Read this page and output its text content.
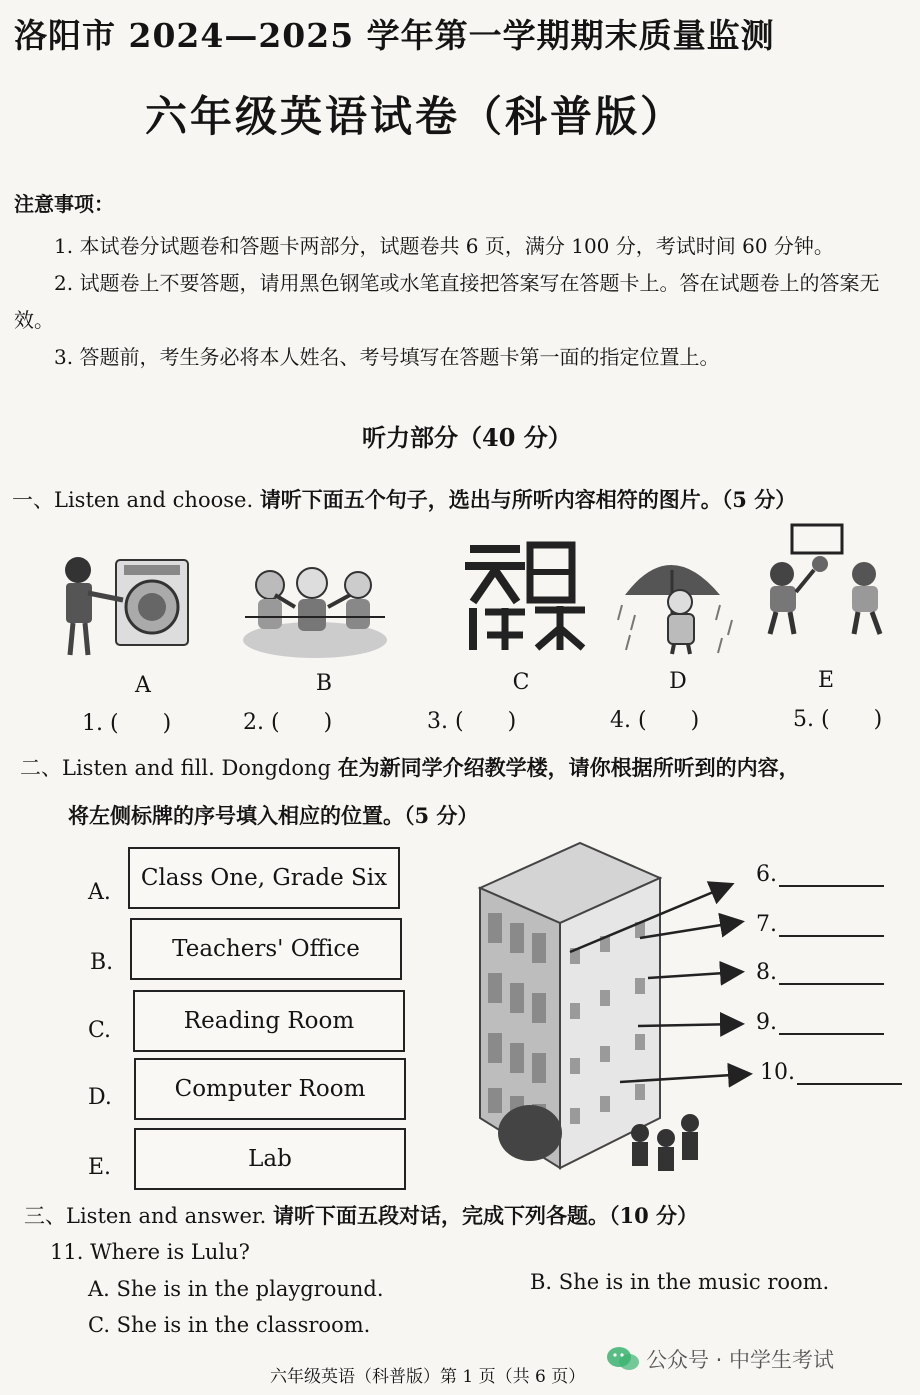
洛阳市 2024—2025 学年第一学期期末质量监测
六年级英语试卷（科普版）
注意事项：

1. 本试卷分试题卷和答题卡两部分，试题卷共 6 页，满分 100 分，考试时间 60 分钟。

2. 试题卷上不要答题，请用黑色钢笔或水笔直接把答案写在答题卡上。答在试题卷上的答案无效。

3. 答题前，考生务必将本人姓名、考号填写在答题卡第一面的指定位置上。

听力部分（40 分）
一、Listen and choose. 请听下面五个句子，选出与所听内容相符的图片。（5 分）
A	B	C	D	E
1. (　　)	2. (　　)	3. (　　)	4. (　　)	5. (　　)
二、Listen and fill. Dongdong 在为新同学介绍教学楼，请你根据所听到的内容，
将左侧标牌的序号填入相应的位置。（5 分）
A.
Class One, Grade Six
B.
Teachers' Office
C.	Reading Room
D.	Computer Room
E.	Lab
6.
7.
8.
9.
10.
三、Listen and answer. 请听下面五段对话，完成下列各题。（10 分）
11. Where is Lulu?
A. She is in the playground.	B. She is in the music room.
C. She is in the classroom.
六年级英语（科普版）第 1 页（共 6 页）
公众号 · 中学生考试
